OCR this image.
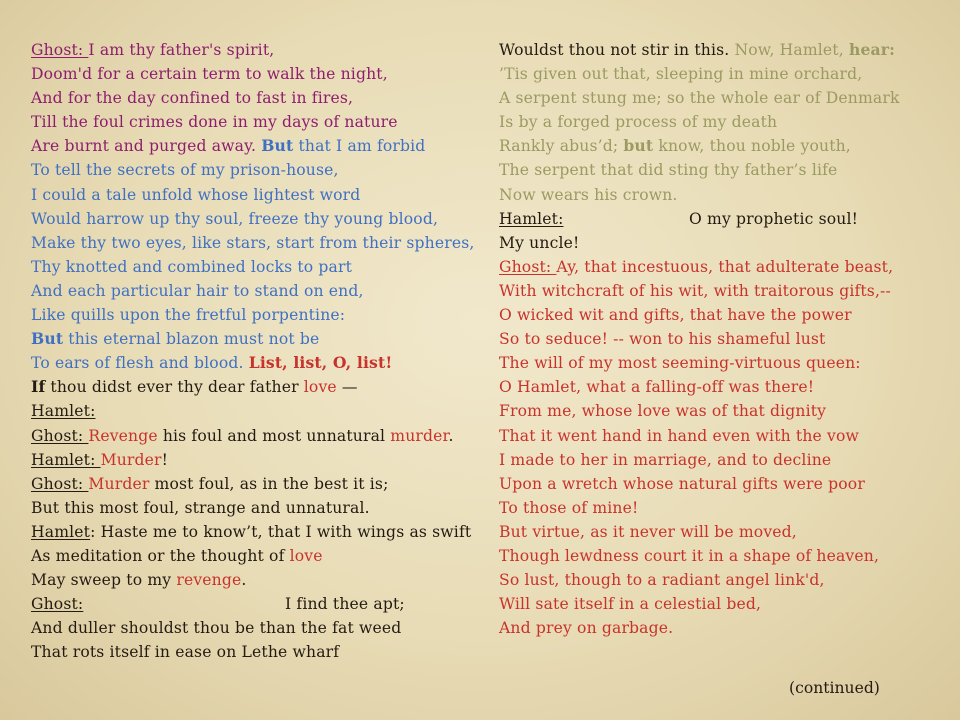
Ghost: I am thy father's spirit,
Doom'd for a certain term to walk the night,
And for the day confined to fast in fires,
Till the foul crimes done in my days of nature
Are burnt and purged away. But that I am forbid
To tell the secrets of my prison-house,
I could a tale unfold whose lightest word
Would harrow up thy soul, freeze thy young blood,
Make thy two eyes, like stars, start from their spheres,
Thy knotted and combined locks to part
And each particular hair to stand on end,
Like quills upon the fretful porpentine:
But this eternal blazon must not be
To ears of flesh and blood. List, list, O, list!
If thou didst ever thy dear father love —
Hamlet:
Ghost: Revenge his foul and most unnatural murder.
Hamlet: Murder!
Ghost: Murder most foul, as in the best it is;
But this most foul, strange and unnatural.
Hamlet: Haste me to know’t, that I with wings as swift
As meditation or the thought of love
May sweep to my revenge.
Ghost:	I find thee apt;
And duller shouldst thou be than the fat weed
That rots itself in ease on Lethe wharf
Wouldst thou not stir in this. Now, Hamlet, hear:
’Tis given out that, sleeping in mine orchard,
A serpent stung me; so the whole ear of Denmark
Is by a forged process of my death
Rankly abus’d; but know, thou noble youth,
The serpent that did sting thy father’s life
Now wears his crown.
Hamlet:	O my prophetic soul!
My uncle!
Ghost: Ay, that incestuous, that adulterate beast,
With witchcraft of his wit, with traitorous gifts,--
O wicked wit and gifts, that have the power
So to seduce! -- won to his shameful lust
The will of my most seeming-virtuous queen:
O Hamlet, what a falling-off was there!
From me, whose love was of that dignity
That it went hand in hand even with the vow
I made to her in marriage, and to decline
Upon a wretch whose natural gifts were poor
To those of mine!
But virtue, as it never will be moved,
Though lewdness court it in a shape of heaven,
So lust, though to a radiant angel link'd,
Will sate itself in a celestial bed,
And prey on garbage.
(continued)
